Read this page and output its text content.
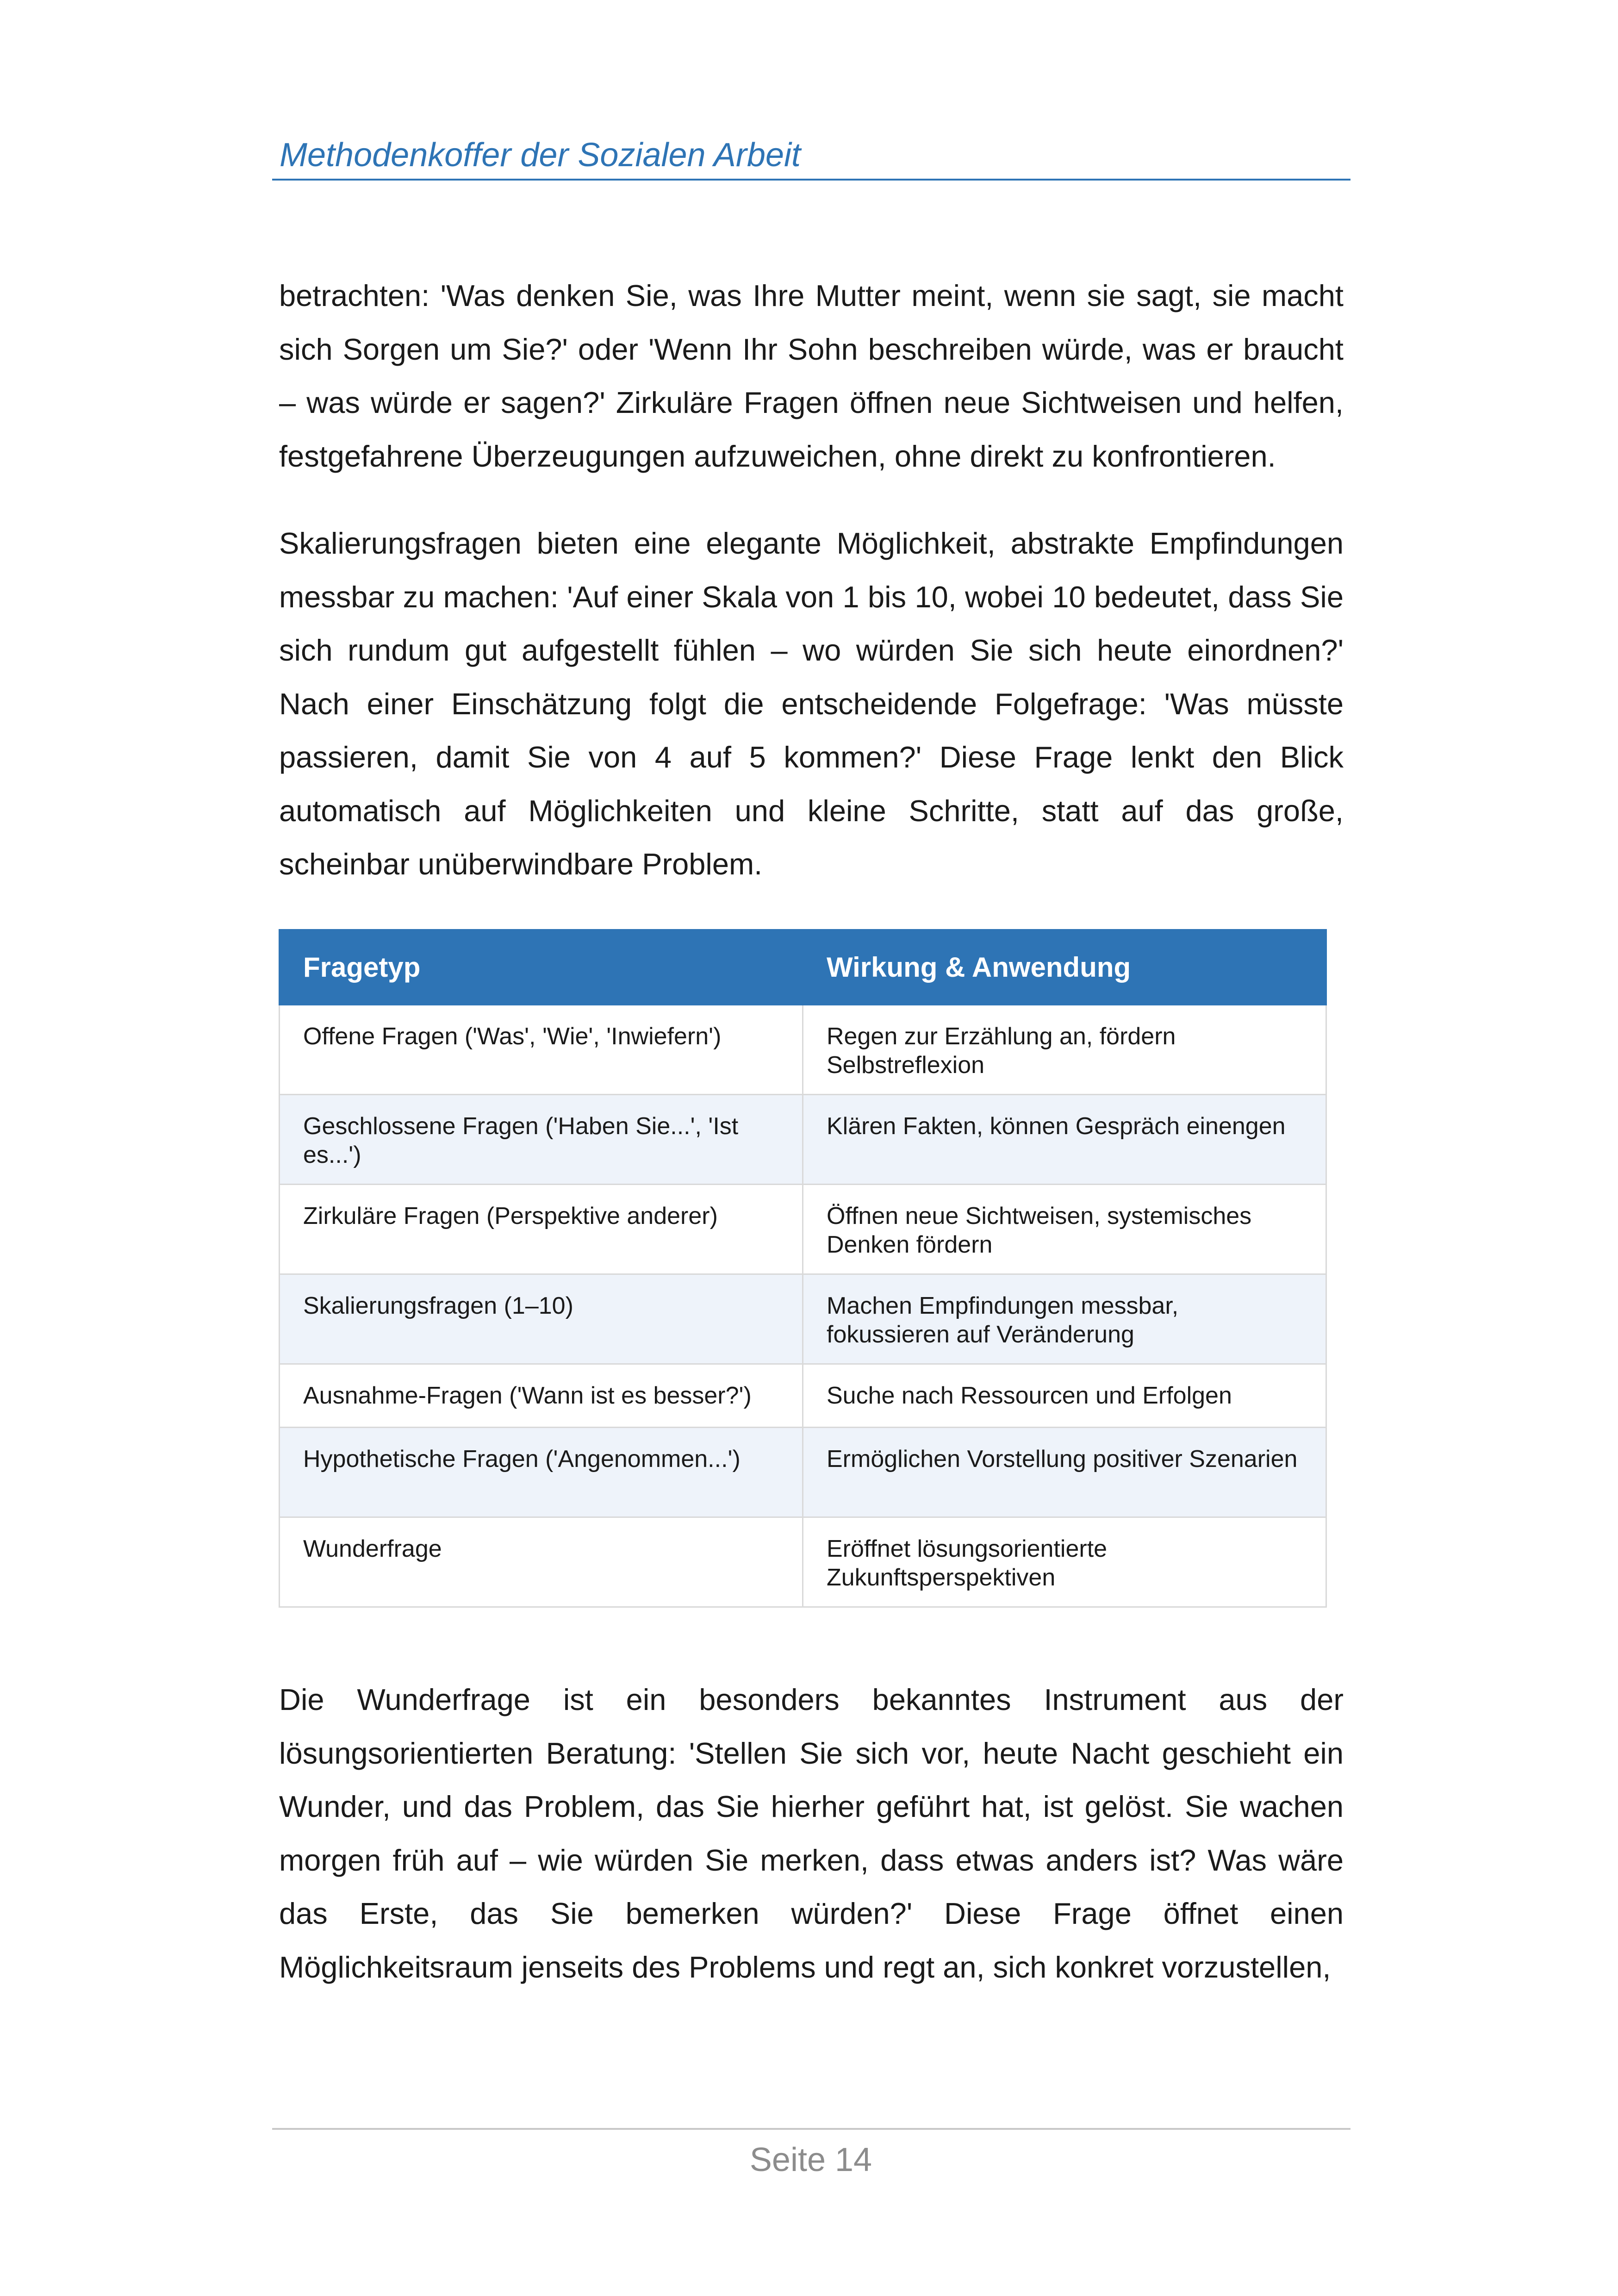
Methodenkoffer der Sozialen Arbeit

betrachten: 'Was denken Sie, was Ihre Mutter meint, wenn sie sagt, sie macht sich Sorgen um Sie?' oder 'Wenn Ihr Sohn beschreiben würde, was er braucht – was würde er sagen?' Zirkuläre Fragen öffnen neue Sichtweisen und helfen, festgefahrene Überzeugungen aufzuweichen, ohne direkt zu konfrontieren.

Skalierungsfragen bieten eine elegante Möglichkeit, abstrakte Empfindungen messbar zu machen: 'Auf einer Skala von 1 bis 10, wobei 10 bedeutet, dass Sie sich rundum gut aufgestellt fühlen – wo würden Sie sich heute einordnen?' Nach einer Einschätzung folgt die entscheidende Folgefrage: 'Was müsste passieren, damit Sie von 4 auf 5 kommen?' Diese Frage lenkt den Blick automatisch auf Möglichkeiten und kleine Schritte, statt auf das große, scheinbar unüberwindbare Problem.

Fragetyp	Wirkung & Anwendung
Offene Fragen ('Was', 'Wie', 'Inwiefern')	Regen zur Erzählung an, fördern Selbstreflexion
Geschlossene Fragen ('Haben Sie...', 'Ist es...')	Klären Fakten, können Gespräch einengen
Zirkuläre Fragen (Perspektive anderer)	Öffnen neue Sichtweisen, systemisches Denken fördern
Skalierungsfragen (1–10)	Machen Empfindungen messbar, fokussieren auf Veränderung
Ausnahme-Fragen ('Wann ist es besser?')	Suche nach Ressourcen und Erfolgen
Hypothetische Fragen ('Angenommen...')	Ermöglichen Vorstellung positiver Szenarien
Wunderfrage	Eröffnet lösungsorientierte Zukunftsperspektiven

Die Wunderfrage ist ein besonders bekanntes Instrument aus der lösungsorientierten Beratung: 'Stellen Sie sich vor, heute Nacht geschieht ein Wunder, und das Problem, das Sie hierher geführt hat, ist gelöst. Sie wachen morgen früh auf – wie würden Sie merken, dass etwas anders ist? Was wäre das Erste, das Sie bemerken würden?' Diese Frage öffnet einen Möglichkeitsraum jenseits des Problems und regt an, sich konkret vorzustellen,

Seite 14
